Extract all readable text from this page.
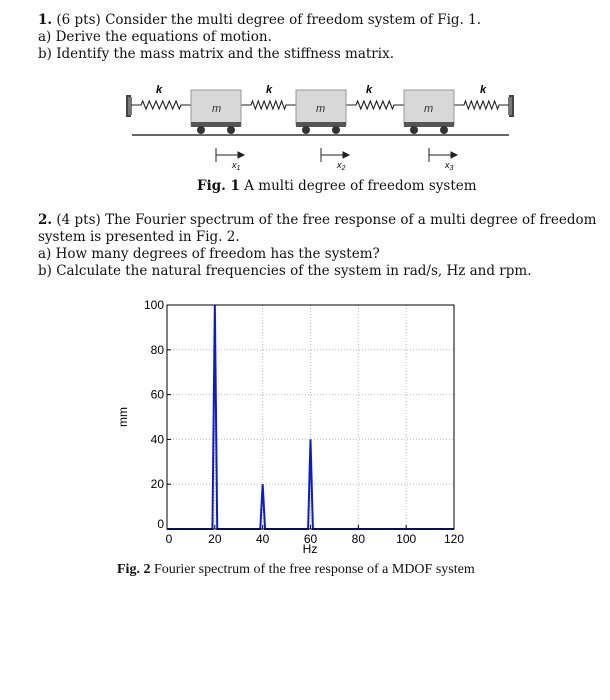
1. (6 pts) Consider the multi degree of freedom system of Fig. 1.
a) Derive the equations of motion.
b) Identify the mass matrix and the stiffness matrix.
k	k	k	k
m	m	m
$x_1$	$x_2$	$x_3$
Fig. 1 A multi degree of freedom system
2. (4 pts) The Fourier spectrum of the free response of a multi degree of freedom
system is presented in Fig. 2.
a) How many degrees of freedom has the system?
b) Calculate the natural frequencies of the system in rad/s, Hz and rpm.
0	20	40	60	80	100 120
0
20
40
60
80
100
Hz
mm
Fig. 2 Fourier spectrum of the free response of a MDOF system
